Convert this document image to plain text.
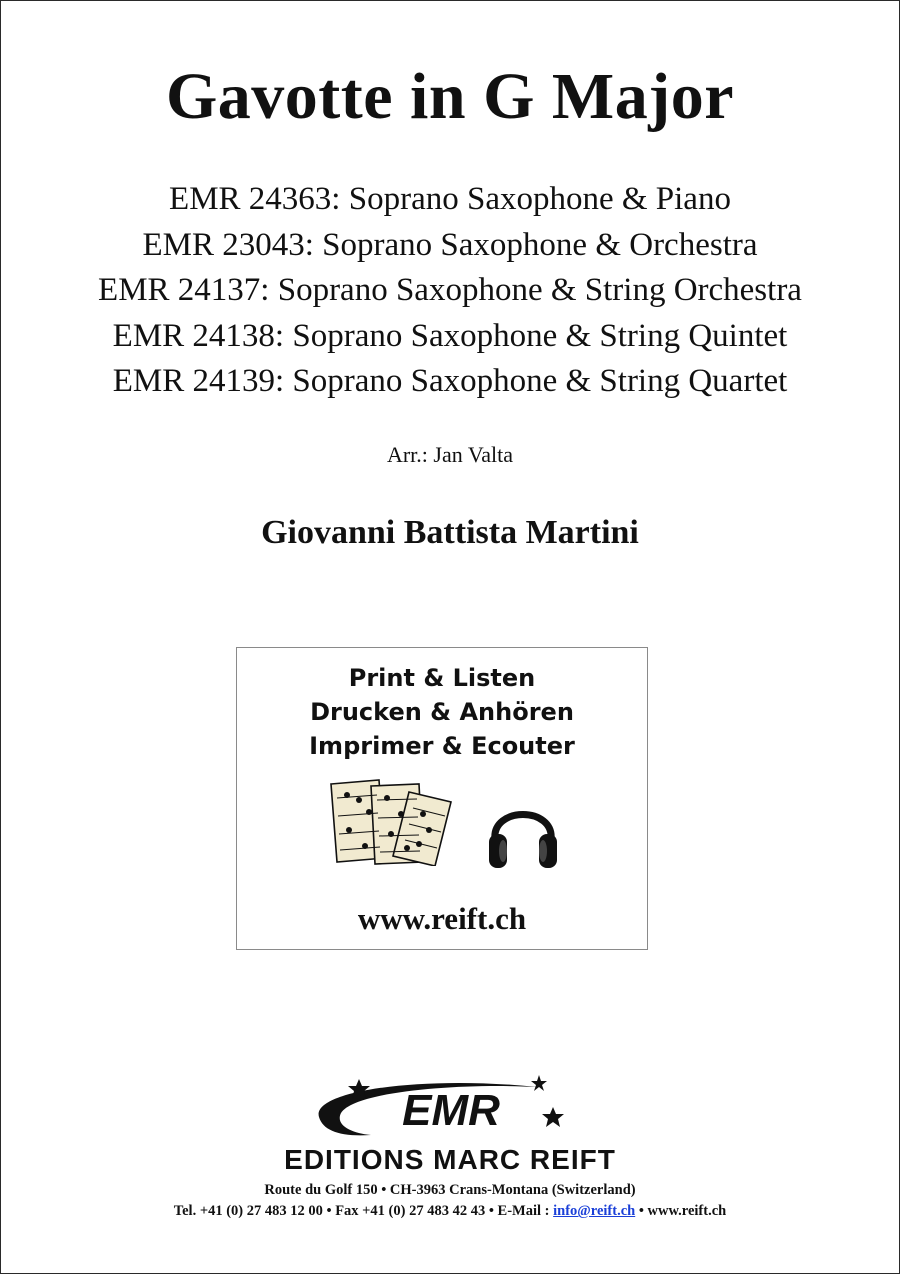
Gavotte in G Major
EMR 24363: Soprano Saxophone & Piano
EMR 23043: Soprano Saxophone & Orchestra
EMR 24137: Soprano Saxophone & String Orchestra
EMR 24138: Soprano Saxophone & String Quintet
EMR 24139: Soprano Saxophone & String Quartet
Arr.: Jan Valta
Giovanni Battista Martini
Print & Listen
Drucken & Anhören
Imprimer & Ecouter
www.reift.ch
EMR
EDITIONS MARC REIFT
Route du Golf 150 • CH-3963 Crans-Montana (Switzerland)
Tel. +41 (0) 27 483 12 00 • Fax +41 (0) 27 483 42 43 • E-Mail : info@reift.ch • www.reift.ch
